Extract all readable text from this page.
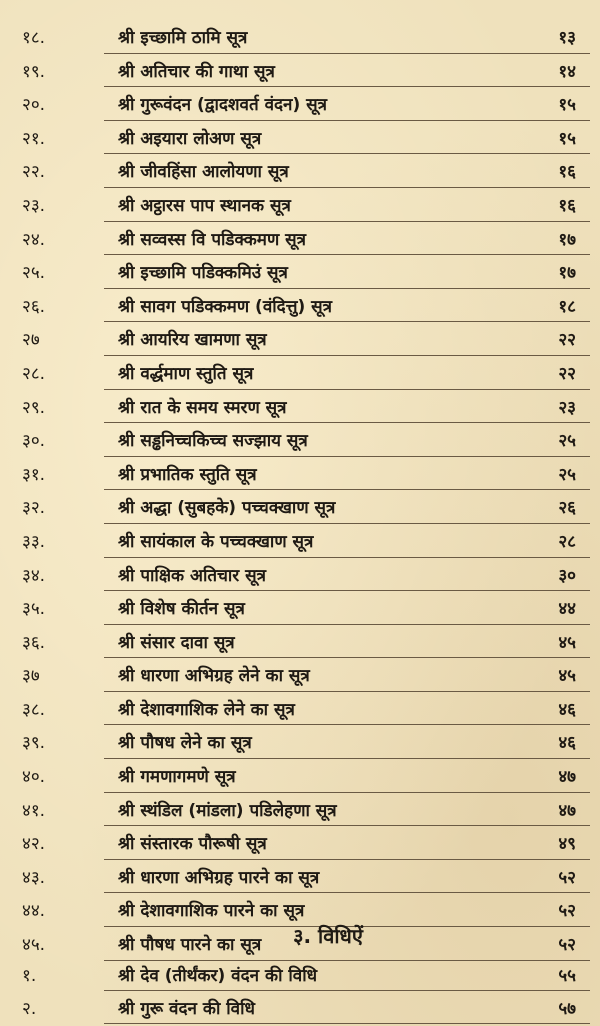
१८.	श्री इच्छामि ठामि सूत्र	१३
१९.	श्री अतिचार की गाथा सूत्र	१४
२०.	श्री गुरूवंदन (द्वादशवर्त वंदन) सूत्र	१५
२१.	श्री अइयारा लोअण सूत्र	१५
२२.	श्री जीवहिंसा आलोयणा सूत्र	१६
२३.	श्री अट्ठारस पाप स्थानक सूत्र	१६
२४.	श्री सव्वस्स वि पडिक्कमण सूत्र	१७
२५.	श्री इच्छामि पडिक्कमिउं सूत्र	१७
२६.	श्री सावग पडिक्कमण (वंदित्तु) सूत्र	१८
२७	श्री आयरिय खामणा सूत्र	२२
२८.	श्री वर्द्धमाण स्तुति सूत्र	२२
२९.	श्री रात के समय स्मरण सूत्र	२३
३०.	श्री सड्ढनिच्चकिच्च सज्झाय सूत्र	२५
३१.	श्री प्रभातिक स्तुति सूत्र	२५
३२.	श्री अद्धा (सुबहके) पच्चक्खाण सूत्र	२६
३३.	श्री सायंकाल के पच्चक्खाण सूत्र	२८
३४.	श्री पाक्षिक अतिचार सूत्र	३०
३५.	श्री विशेष कीर्तन सूत्र	४४
३६.	श्री संसार दावा सूत्र	४५
३७	श्री धारणा अभिग्रह लेने का सूत्र	४५
३८.	श्री देशावगाशिक लेने का सूत्र	४६
३९.	श्री पौषध लेने का सूत्र	४६
४०.	श्री गमणागमणे सूत्र	४७
४१.	श्री स्थंडिल (मांडला) पडिलेहणा सूत्र	४७
४२.	श्री संस्तारक पौरूषी सूत्र	४९
४३.	श्री धारणा अभिग्रह पारने का सूत्र	५२
४४.	श्री देशावगाशिक पारने का सूत्र	५२
४५.	श्री पौषध पारने का सूत्र	५२
३. विधिऐं
१.	श्री देव (तीर्थंकर) वंदन की विधि	५५
२.	श्री गुरू वंदन की विधि	५७
